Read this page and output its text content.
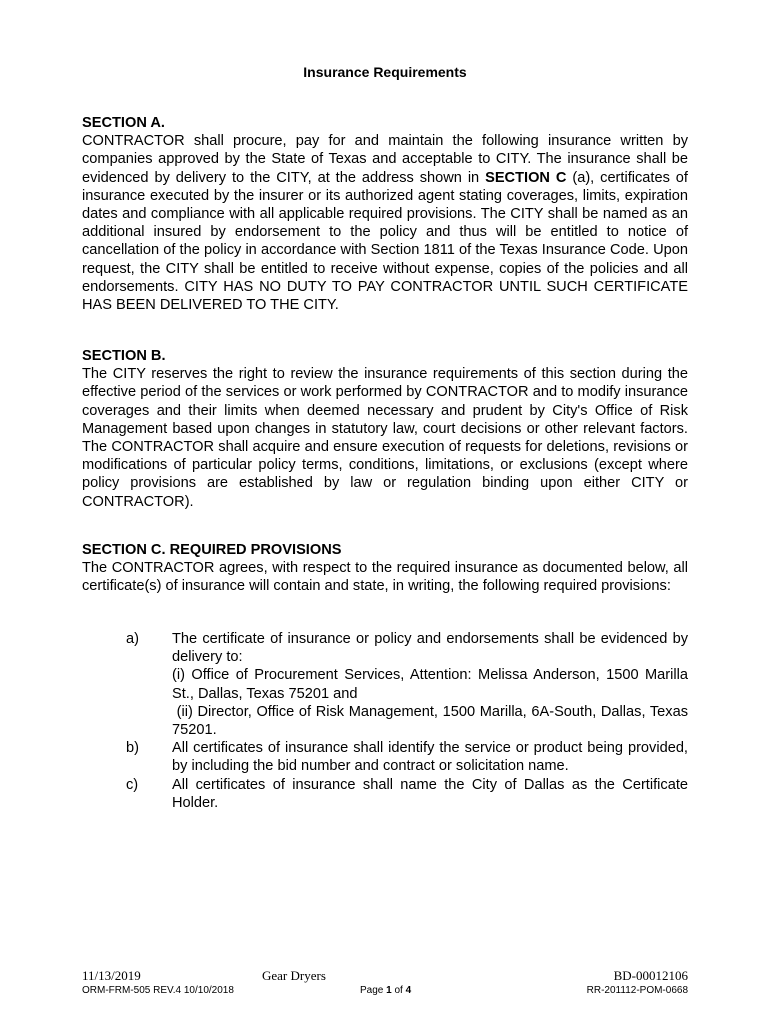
Insurance Requirements
SECTION A.

CONTRACTOR shall procure, pay for and maintain the following insurance written by companies approved by the State of Texas and acceptable to CITY. The insurance shall be evidenced by delivery to the CITY, at the address shown in SECTION C (a), certificates of insurance executed by the insurer or its authorized agent stating coverages, limits, expiration dates and compliance with all applicable required provisions. The CITY shall be named as an additional insured by endorsement to the policy and thus will be entitled to notice of cancellation of the policy in accordance with Section 1811 of the Texas Insurance Code. Upon request, the CITY shall be entitled to receive without expense, copies of the policies and all endorsements. CITY HAS NO DUTY TO PAY CONTRACTOR UNTIL SUCH CERTIFICATE HAS BEEN DELIVERED TO THE CITY.

SECTION B.

The CITY reserves the right to review the insurance requirements of this section during the effective period of the services or work performed by CONTRACTOR and to modify insurance coverages and their limits when deemed necessary and prudent by City's Office of Risk Management based upon changes in statutory law, court decisions or other relevant factors. The CONTRACTOR shall acquire and ensure execution of requests for deletions, revisions or modifications of particular policy terms, conditions, limitations, or exclusions (except where policy provisions are established by law or regulation binding upon either CITY or CONTRACTOR).

SECTION C. REQUIRED PROVISIONS

The CONTRACTOR agrees, with respect to the required insurance as documented below, all certificate(s) of insurance will contain and state, in writing, the following required provisions:

a)	The certificate of insurance or policy and endorsements shall be evidenced by delivery to:
(i) Office of Procurement Services, Attention: Melissa Anderson, 1500 Marilla St., Dallas, Texas 75201 and
(ii) Director, Office of Risk Management, 1500 Marilla, 6A-South, Dallas, Texas 75201.
b)	All certificates of insurance shall identify the service or product being provided, by including the bid number and contract or solicitation name.
c)	All certificates of insurance shall name the City of Dallas as the Certificate Holder.
11/13/2019	Gear Dryers	BD-00012106
ORM-FRM-505 REV.4 10/10/2018	Page 1 of 4	RR-201112-POM-0668
